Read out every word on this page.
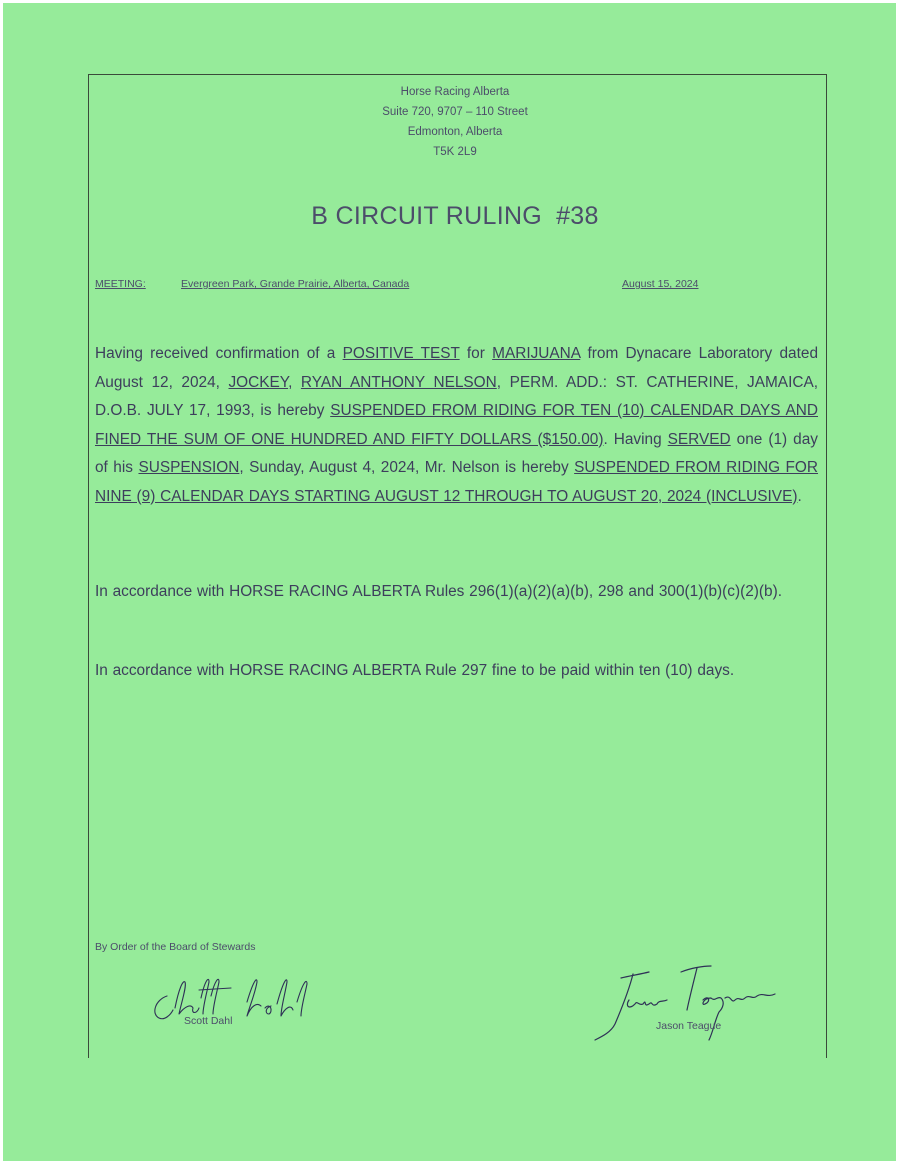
Horse Racing Alberta
Suite 720, 9707 – 110 Street
Edmonton, Alberta
T5K 2L9
B CIRCUIT RULING #38
MEETING:	Evergreen Park, Grande Prairie, Alberta, Canada	August 15, 2024
Having received confirmation of a POSITIVE TEST for MARIJUANA from Dynacare Laboratory dated August 12, 2024, JOCKEY, RYAN ANTHONY NELSON, PERM. ADD.: ST. CATHERINE, JAMAICA, D.O.B. JULY 17, 1993, is hereby SUSPENDED FROM RIDING FOR TEN (10) CALENDAR DAYS AND FINED THE SUM OF ONE HUNDRED AND FIFTY DOLLARS ($150.00). Having SERVED one (1) day of his SUSPENSION, Sunday, August 4, 2024, Mr. Nelson is hereby SUSPENDED FROM RIDING FOR NINE (9) CALENDAR DAYS STARTING AUGUST 12 THROUGH TO AUGUST 20, 2024 (INCLUSIVE).
In accordance with HORSE RACING ALBERTA Rules 296(1)(a)(2)(a)(b), 298 and 300(1)(b)(c)(2)(b).
In accordance with HORSE RACING ALBERTA Rule 297 fine to be paid within ten (10) days.
By Order of the Board of Stewards
Scott Dahl	Jason Teague
